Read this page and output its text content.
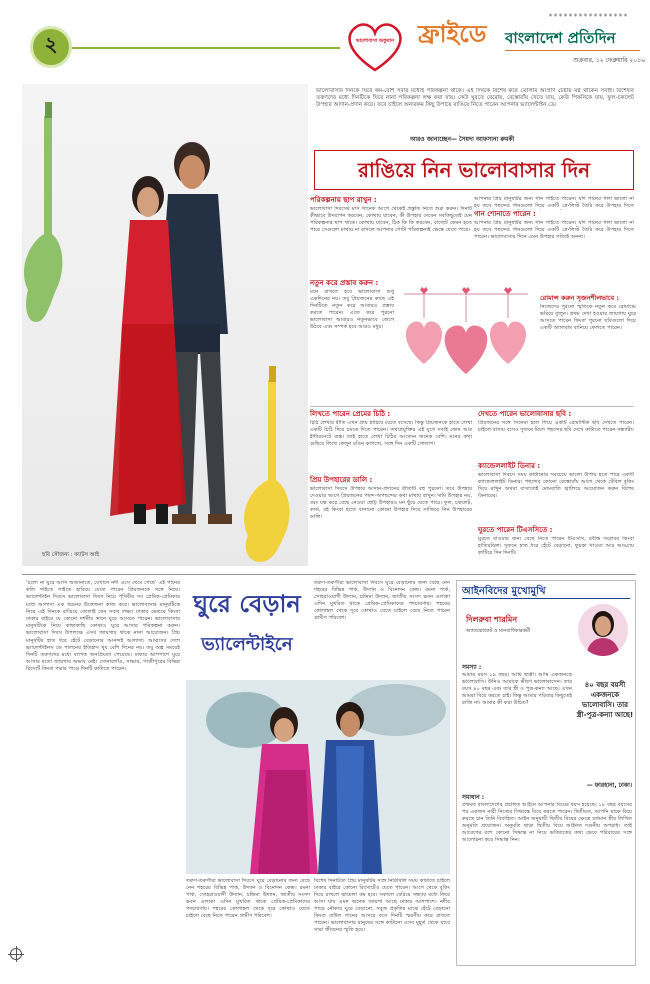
২	ভালোবাসা অফুরান ফ্রাইডে	বাংলাদেশ প্রতিদিন
শুক্রবার, ১২ ফেব্রুয়ারি ২০১৬
ছবি সৌজন্য : ক্যাটস আই
ভালোবাসার দিনকে ঘিরে কম-বেশি সবার মধ্যেই পরিকল্পনা থাকে। এই দিনকে বিশেষ করে তোলার আপ্রাণ চেষ্টায় মগ্ন থাকেন সবাই। বিশেষত তরুণদের মধ্যে দিনটিকে ঘিরে নানা পরিকল্পনা লক্ষ করা যায়। কেউ ঘুরতে বেরোয়, রেস্তোরাঁয় খেতে যায়, কেউ পিকনিকে যায়, ফুল-চকলেট উপহার আদান-প্রদান করে। তবে চাইলে অন্যরকম কিছু উপায়ে রাঙিয়ে নিতে পারেন আপনার ভ্যালেন্টাইন ডে।
আরও জানাচ্ছেন— সৈয়দা আফসানা রুমকী
রাঙিয়ে নিন ভালোবাসার দিন
পরিকল্পনায় ছাপ রাখুন :
ভালোবাসা দিবসের মাস খানেক আগে থেকেই প্রস্তুতি নিতে শুরু করুন। দিনটি কীভাবে উদযাপন করবেন, কোথায় যাবেন, কী উপহার দেবেন সবকিছুতেই যেন পরিকল্পনার ছাপ থাকে। কোথায় যাবেন, ঠিক কি কি করবেন, বাজেট কেমন হতে পারে সেগুলো মাথায় না রাখলে আপনার গোটা পরিকল্পনাই ভেস্তে যেতে পারে।
নতুন করে প্রস্তাব করুন :
মনে রাখতে হবে ভালোবাসা শুধু একদিনের নয়। তবু প্রিয়জনের কাছে এই দিনটিতে নতুন করে আবারও প্রস্তাব করতে পারেন। এতে করে পুরনো ভালোবাসা আবারও নতুনভাবে জেগে উঠবে এবং সম্পর্ক হবে আরও মধুর।
আপনার প্রিয় মানুষটির জন্য গান গাইতে পারেন। যদি গানের গলা ভালো না হয় তবে পছন্দের গানগুলো দিয়ে একটি প্লে-লিস্ট তৈরি করে উপহার দিতে
গান শোনাতে পারেন :
আপনার প্রিয় মানুষটির জন্য গান গাইতে পারেন। যদি গানের গলা ভালো না হয় তবে পছন্দের গানগুলো দিয়ে একটি প্লে-লিস্ট তৈরি করে উপহার দিতে পারেন। ভালোবাসার দিনে এমন উপহার সত্যিই অনন্য।
রোমান্স করুন সৃজনশীলভাবে :
নিজেদের পুরনো স্মৃতিকে নতুন করে রোমাঞ্চে ভরিয়ে তুলুন। প্রথম দেখা হওয়ার জায়গায় ঘুরে আসতে পারেন কিংবা পুরনো ছবিগুলো দিয়ে একটি অ্যালবাম বানিয়ে ফেলতে পারেন।
লিখতে পারেন প্রেমের চিঠি :
চিঠি লেখার রীতি এখন প্রায় হারিয়ে যেতে বসেছে। কিন্তু প্রিয়জনকে হাতে লেখা একটি চিঠি দিয়ে চমকে দিতে পারেন। তথ্যপ্রযুক্তির এই যুগে সবাই ফোন আর ইন্টারনেটে ব্যস্ত। তাই হাতে লেখা চিঠির আবেদন অনেক বেশি। মনের কথা গুছিয়ে লিখে ফেলুন রঙিন কাগজে, সঙ্গে দিন একটি গোলাপ।
প্রিয় উপহারের ডালি :
ভালোবাসা দিবসে উপহার আদান-প্রদানের রীতিটি বহু পুরনো। তবে উপহার দেওয়ার আগে প্রিয়জনের পছন্দ-অপছন্দের কথা মাথায় রাখুন। দামি উপহার নয়, বরং যত্ন করে বেছে নেওয়া ছোট্ট উপহারও মন ছুঁয়ে যেতে পারে। ফুল, চকলেট, কার্ড, বই কিংবা হাতে বানানো কোনো উপহার দিয়ে সাজিয়ে নিন উপহারের ডালি।
দেখতে পারেন ভালোবাসার ছবি :
প্রিয়জনের সঙ্গে সিনেমা হলে গিয়ে একটি রোমান্টিক ছবি দেখতে পারেন। চাইলে বাসায় বসেও দুজনে মিলে পছন্দের ছবি দেখে কাটাতে পারেন সন্ধ্যাটা।
ক্যান্ডেললাইট ডিনার :
ভালোবাসা দিবসে সময় কাটানোর সবচেয়ে ভালো উপায় হতে পারে একটি ক্যান্ডেললাইট ডিনার। পছন্দের কোনো রেস্তোরাঁয় আগে থেকে টেবিল বুকিং দিয়ে রাখুন অথবা বাসাতেই মোমবাতি জ্বালিয়ে আয়োজন করুন বিশেষ ডিনারের।
ঘুরতে পারেন টিএসসিতে :
ঘুরতে যাওয়ার জন্য বেছে নিতে পারেন টিএসসি, রবীন্দ্র সরোবর কিংবা হাতিরঝিল। দুজনে হাত ধরে হেঁটে বেড়ানো, ফুচকা খাওয়া আর আড্ডায় কাটিয়ে দিন দিনটি।
‘চলো না ঘুরে আসি অজানাতে, যেখানে নদী এসে থেমে গেছে’ এই গানের কলি গাইতে গাইতে হারিয়ে যেতে পারেন প্রিয়জনকে সঙ্গে নিয়ে। ভ্যালেন্টাইন দিবসে ভালোবাসা দিবস নিয়ে পৃথিবীর সব প্রেমিক-প্রেমিকার মধ্যে আলাদা এক ধরনের উত্তেজনা কাজ করে। ভালোবাসার মানুষটিকে নিয়ে এই দিনকে রাঙিয়ে তোলাই যেন সবার লক্ষ্য। ঢাকার ভেতরে কিংবা ঢাকার বাইরে যে কোনো দর্শনীয় স্থানে ঘুরে আসতে পারেন। ভালোবাসার মানুষটিকে নিয়ে কাছাকাছি কোথাও ঘুরে আসার পরিকল্পনা করুন। ভালোবাসা দিবস উপলক্ষে এসব জায়গায় থাকে নানা আয়োজন। প্রিয় মানুষটির হাত ধরে হেঁটে বেড়ানোর আনন্দই আলাদা। আমাদের দেশে ভ্যালেন্টাইনস ডে পালনের ইতিহাস খুব বেশি দিনের নয়। তবু অল্প সময়েই দিনটি তরুণদের মধ্যে ব্যাপক জনপ্রিয়তা পেয়েছে। ঢাকার আশপাশে ঘুরে আসার মতো জায়গার অভাব নেই। সোনারগাঁও, সাভার, গাজীপুরের বিভিন্ন রিসোর্ট কিংবা পদ্মার পাড়ে দিনটি কাটাতে পারেন।
ঘুরে বেড়ান
ভ্যালেন্টাইনে
তরুণ-তরুণীরা ভালোবাসা দিবসে ঘুরে বেড়ানোর জন্য বেছে নেন শহরের বিভিন্ন পার্ক, উদ্যান ও বিনোদন কেন্দ্র। রমনা পার্ক, সোহরাওয়ার্দী উদ্যান, চন্দ্রিমা উদ্যান, জাতীয় সংসদ ভবন এলাকা এদিন মুখরিত থাকে প্রেমিক-প্রেমিকাদের পদচারণায়। শহরের কোলাহল থেকে দূরে কোথাও যেতে চাইলে বেছে নিতে পারেন গ্রামীণ পরিবেশ।
বিশেষ দিনটিতে প্রিয় মানুষটির সঙ্গে নিরিবিলি সময় কাটাতে চাইলে ঢাকার বাইরে কোনো রিসোর্টেও যেতে পারেন। আগে থেকে বুকিং দিয়ে রাখলে ঝামেলা কম হবে। সকালে বেরিয়ে সন্ধ্যার মধ্যে ফিরে আসা যায় এমন অনেক জায়গা আছে ঢাকার আশপাশে। নদীর পাড়ে নৌকায় ঘুরে বেড়ানো, সবুজ প্রকৃতির মাঝে হেঁটে বেড়ানো কিংবা বাউল গানের আসরে বসে দিনটি স্মরণীয় করে রাখতে পারেন। ভালোবাসার মানুষের সঙ্গে কাটানো এসব মুহূর্ত থেকে যাবে সারা জীবনের স্মৃতি হয়ে।
তরুণ-তরুণীরা ভালোবাসা দিবসে ঘুরে বেড়ানোর জন্য বেছে নেন শহরের বিভিন্ন পার্ক, উদ্যান ও বিনোদন কেন্দ্র। রমনা পার্ক, সোহরাওয়ার্দী উদ্যান, চন্দ্রিমা উদ্যান, জাতীয় সংসদ ভবন এলাকা এদিন মুখরিত থাকে প্রেমিক-প্রেমিকাদের পদচারণায়। শহরের কোলাহল থেকে দূরে কোথাও যেতে চাইলে বেছে নিতে পারেন গ্রামীণ পরিবেশ।
আইনবিদের মুখোমুখি
দিলরুবা শারমিন
অ্যাডভোকেট ও মানবাধিকারকর্মী
সমস্যা :
আমার বয়স ১৯ বছর। আমি ছাত্রী। আমি একজনকে ভালোবাসি। উনিও আমাকে ভীষণ ভালোবাসেন। তার বয়স ৪০ বছর এবং তার স্ত্রী ও পুত্র-কন্যা আছে। এখন আমরা বিয়ে করতে চাই। কিন্তু আমার পরিবার কিছুতেই রাজি না। আমার কী করা উচিত?
৪০ বছর বয়সী একজনকে ভালোবাসি। তার স্ত্রী-পুত্র-কন্যা আছে!
— ফারহানা, ঢাকা।
সমাধান :
প্রথমত বাংলাদেশের প্রচলিত আইনে আপনার বিয়ের বয়স হয়েছে। ১৮ বছর বয়সের পর একজন নারী নিজের সিদ্ধান্তে বিয়ে করতে পারেন। দ্বিতীয়ত, আপনি যাকে বিয়ে করতে চান তিনি বিবাহিত। আইন অনুযায়ী দ্বিতীয় বিয়ের ক্ষেত্রে বর্তমান স্ত্রীর লিখিত অনুমতি প্রয়োজন। অনুমতি ছাড়া দ্বিতীয় বিয়ে আইনত দণ্ডনীয় অপরাধ। তাই আবেগের বশে কোনো সিদ্ধান্ত না নিয়ে ভবিষ্যতের কথা ভেবে পরিবারের সঙ্গে আলোচনা করে সিদ্ধান্ত নিন।
